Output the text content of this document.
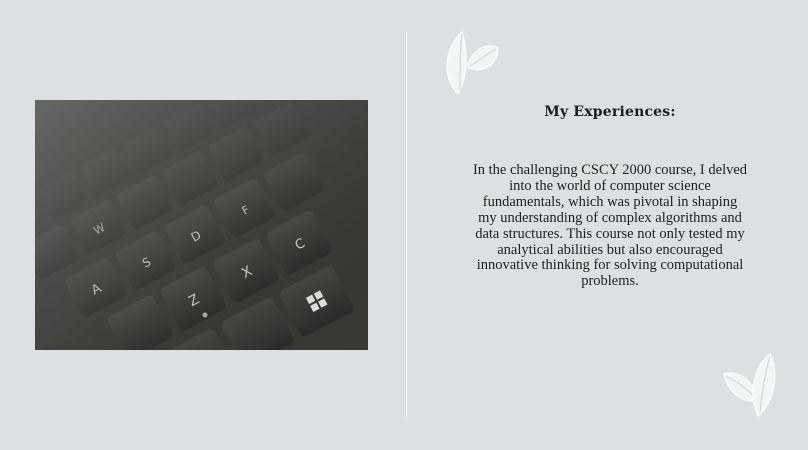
My Experiences:
In the challenging CSCY 2000 course, I delved into the world of computer science fundamentals, which was pivotal in shaping my understanding of complex algorithms and data structures. This course not only tested my analytical abilities but also encouraged innovative thinking for solving computational problems.
